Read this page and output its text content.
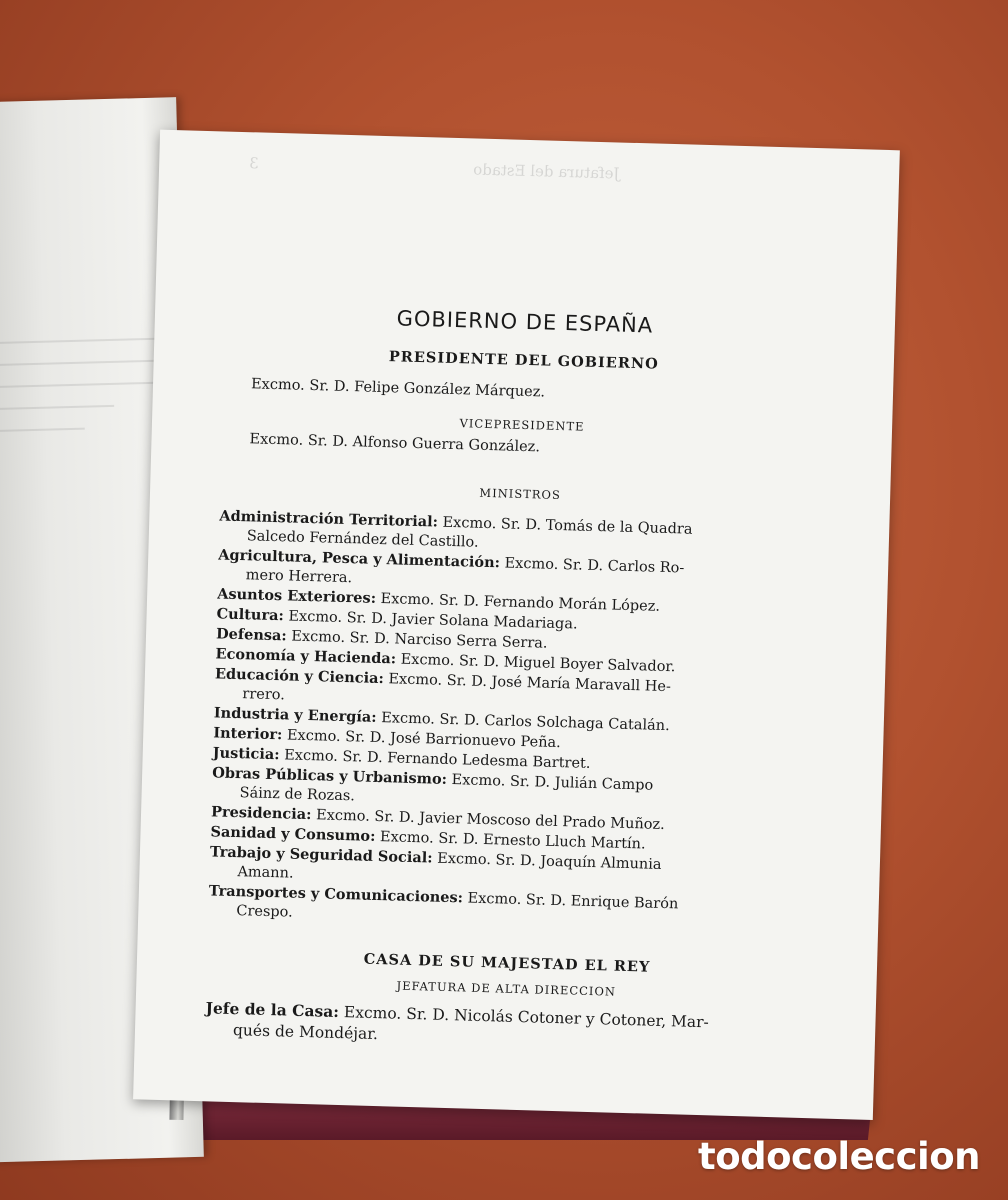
Jefatura del Estado                                             3
GOBIERNO DE ESPAÑA
PRESIDENTE DEL GOBIERNO

Excmo. Sr. D. Felipe González Márquez.

VICEPRESIDENTE

Excmo. Sr. D. Alfonso Guerra González.

MINISTROS
Administración Territorial: Excmo. Sr. D. Tomás de la Quadra
Salcedo Fernández del Castillo.
Agricultura, Pesca y Alimentación: Excmo. Sr. D. Carlos Ro-
mero Herrera.
Asuntos Exteriores: Excmo. Sr. D. Fernando Morán López.
Cultura: Excmo. Sr. D. Javier Solana Madariaga.
Defensa: Excmo. Sr. D. Narciso Serra Serra.
Economía y Hacienda: Excmo. Sr. D. Miguel Boyer Salvador.
Educación y Ciencia: Excmo. Sr. D. José María Maravall He-
rrero.
Industria y Energía: Excmo. Sr. D. Carlos Solchaga Catalán.
Interior: Excmo. Sr. D. José Barrionuevo Peña.
Justicia: Excmo. Sr. D. Fernando Ledesma Bartret.
Obras Públicas y Urbanismo: Excmo. Sr. D. Julián Campo
Sáinz de Rozas.
Presidencia: Excmo. Sr. D. Javier Moscoso del Prado Muñoz.
Sanidad y Consumo: Excmo. Sr. D. Ernesto Lluch Martín.
Trabajo y Seguridad Social: Excmo. Sr. D. Joaquín Almunia
Amann.
Transportes y Comunicaciones: Excmo. Sr. D. Enrique Barón
Crespo.
CASA DE SU MAJESTAD EL REY
JEFATURA DE ALTA DIRECCION
Jefe de la Casa: Excmo. Sr. D. Nicolás Cotoner y Cotoner, Mar-
qués de Mondéjar.
todocoleccion
